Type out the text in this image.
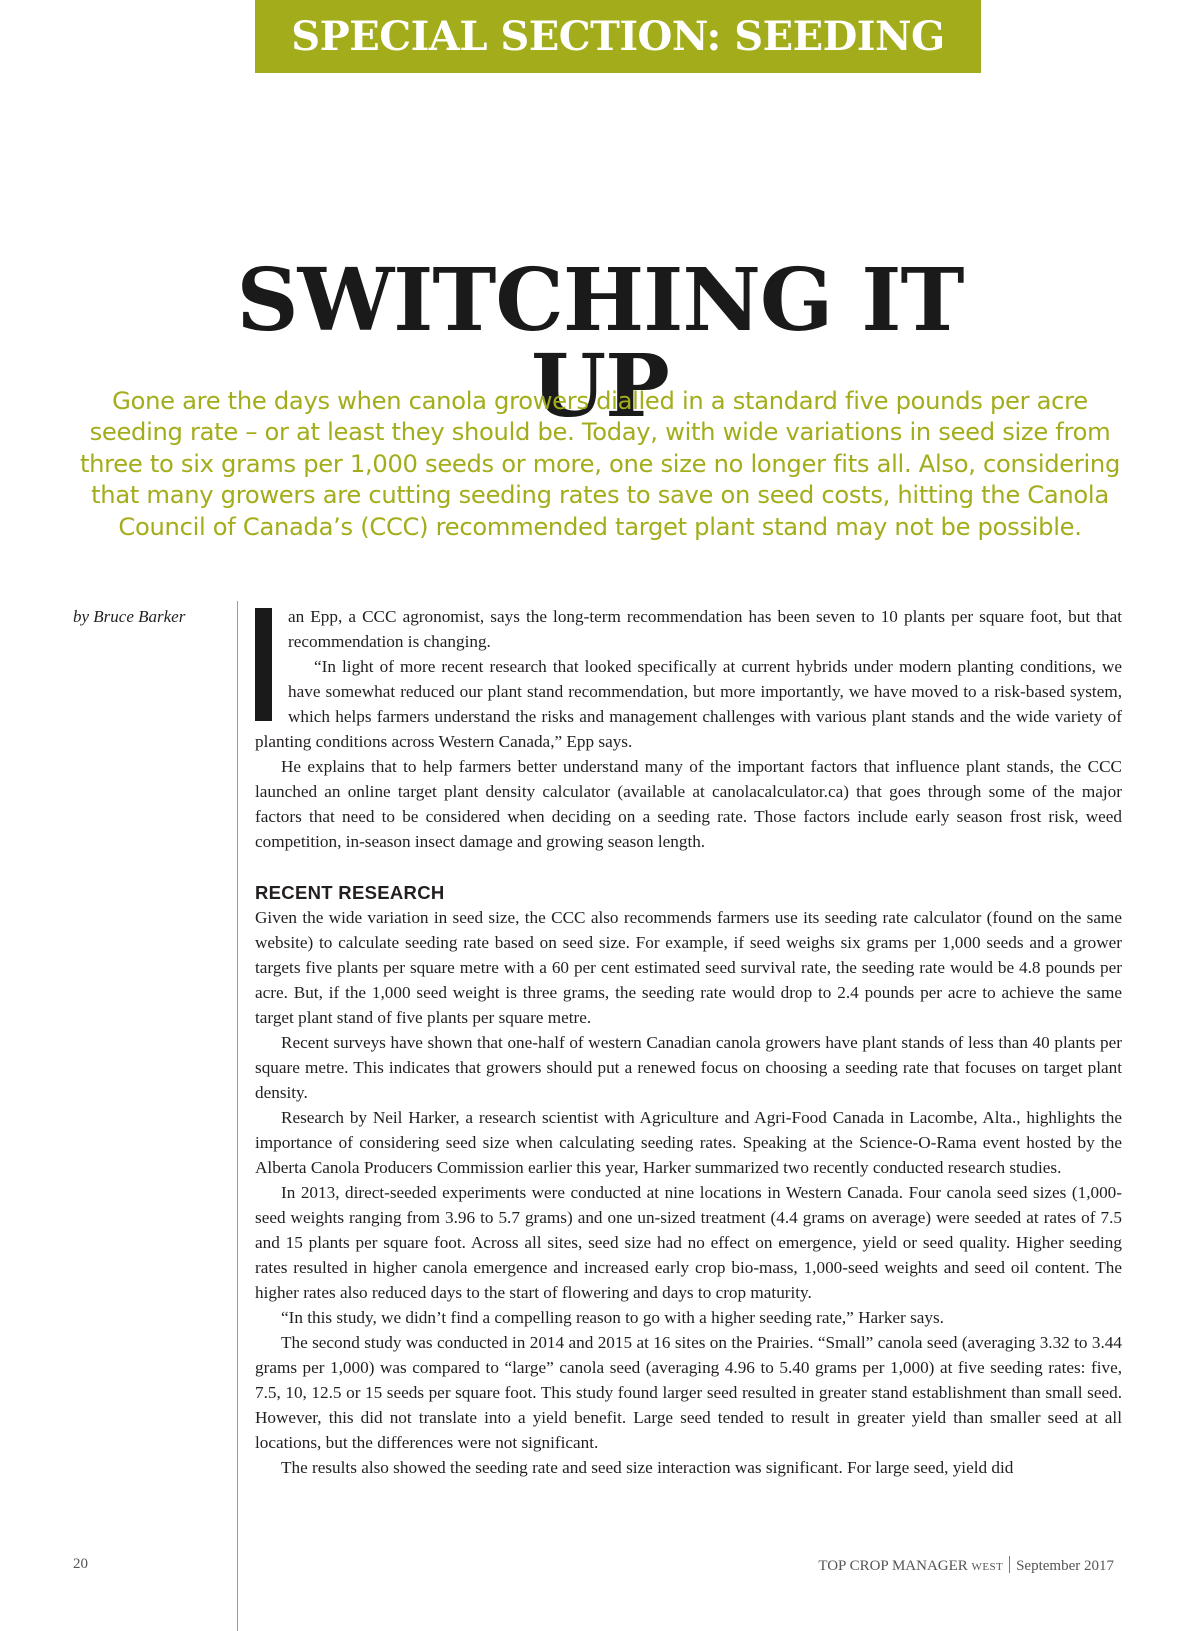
SPECIAL SECTION: SEEDING
SWITCHING IT
UP
Gone are the days when canola growers dialled in a standard five pounds per acre seeding rate – or at least they should be. Today, with wide variations in seed size from three to six grams per 1,000 seeds or more, one size no longer fits all. Also, considering that many growers are cutting seeding rates to save on seed costs, hitting the Canola Council of Canada’s (CCC) recommended target plant stand may not be possible.

by Bruce Barker	an Epp, a CCC agronomist, says the long-term recommendation has been seven to 10 plants per square foot, but that recommendation is changing.

“In light of more recent research that looked specifically at current hybrids under modern planting conditions, we have somewhat reduced our plant stand recommendation, but more importantly, we have moved to a risk-based system, which helps farmers understand the risks and management challenges with various plant stands and the wide variety of planting conditions across Western Canada,” Epp says.

He explains that to help farmers better understand many of the important factors that influence plant stands, the CCC launched an online target plant density calculator (available at canolacalculator.ca) that goes through some of the major factors that need to be considered when deciding on a seeding rate. Those factors include early season frost risk, weed competition, in-season insect damage and growing season length.

RECENT RESEARCH

Given the wide variation in seed size, the CCC also recommends farmers use its seeding rate calculator (found on the same website) to calculate seeding rate based on seed size. For example, if seed weighs six grams per 1,000 seeds and a grower targets five plants per square metre with a 60 per cent estimated seed survival rate, the seeding rate would be 4.8 pounds per acre. But, if the 1,000 seed weight is three grams, the seeding rate would drop to 2.4 pounds per acre to achieve the same target plant stand of five plants per square metre.

Recent surveys have shown that one-half of western Canadian canola growers have plant stands of less than 40 plants per square metre. This indicates that growers should put a renewed focus on choosing a seeding rate that focuses on target plant density.

Research by Neil Harker, a research scientist with Agriculture and Agri-Food Canada in Lacombe, Alta., highlights the importance of considering seed size when calculating seeding rates. Speaking at the Science-O-Rama event hosted by the Alberta Canola Producers Commission earlier this year, Harker summarized two recently conducted research studies.

In 2013, direct-seeded experiments were conducted at nine locations in Western Canada. Four canola seed sizes (1,000-seed weights ranging from 3.96 to 5.7 grams) and one un-sized treatment (4.4 grams on average) were seeded at rates of 7.5 and 15 plants per square foot. Across all sites, seed size had no effect on emergence, yield or seed quality. Higher seeding rates resulted in higher canola emergence and increased early crop bio-mass, 1,000-seed weights and seed oil content. The higher rates also reduced days to the start of flowering and days to crop maturity.

“In this study, we didn’t find a compelling reason to go with a higher seeding rate,” Harker says.

The second study was conducted in 2014 and 2015 at 16 sites on the Prairies. “Small” canola seed (averaging 3.32 to 3.44 grams per 1,000) was compared to “large” canola seed (averaging 4.96 to 5.40 grams per 1,000) at five seeding rates: five, 7.5, 10, 12.5 or 15 seeds per square foot. This study found larger seed resulted in greater stand establishment than small seed. However, this did not translate into a yield benefit. Large seed tended to result in greater yield than smaller seed at all locations, but the differences were not significant.

The results also showed the seeding rate and seed size interaction was significant. For large seed, yield did

20	TOP CROP MANAGER WEST September 2017
